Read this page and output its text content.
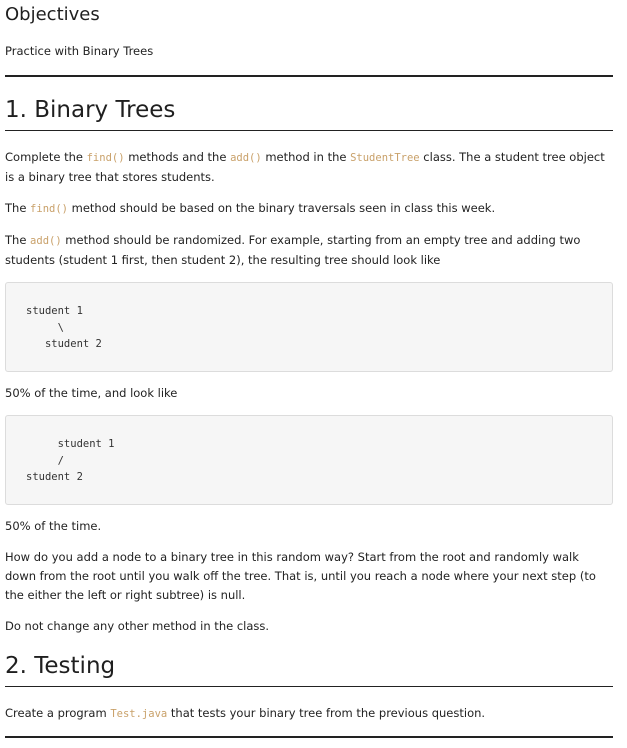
Objectives

Practice with Binary Trees

1. Binary Trees

Complete the find() methods and the add() method in the StudentTree class. The a student tree object is a binary tree that stores students.

The find() method should be based on the binary traversals seen in class this week.

The add() method should be randomized. For example, starting from an empty tree and adding two students (student 1 first, then student 2), the resulting tree should look like

student 1
\
student 2

50% of the time, and look like

student 1
/
student 2

50% of the time.

How do you add a node to a binary tree in this random way? Start from the root and randomly walk down from the root until you walk off the tree. That is, until you reach a node where your next step (to the either the left or right subtree) is null.

Do not change any other method in the class.

2. Testing

Create a program Test.java that tests your binary tree from the previous question.
